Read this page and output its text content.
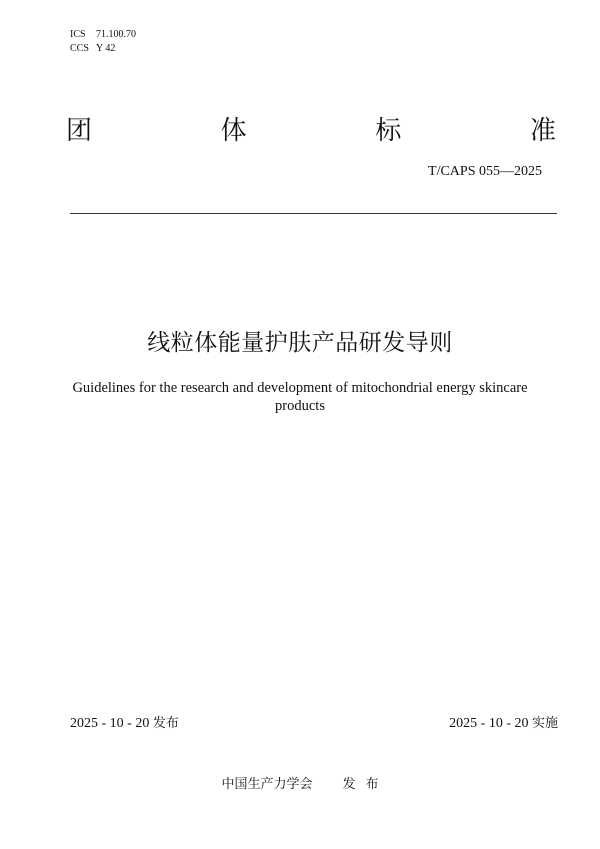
ICS 71.100.70
CCS Y 42
团	体	标	准
T/CAPS 055—2025
线粒体能量护肤产品研发导则
Guidelines for the research and development of mitochondrial energy skincare
products
2025 - 10 - 20 发布	2025 - 10 - 20 实施
中国生产力学会 发 布
